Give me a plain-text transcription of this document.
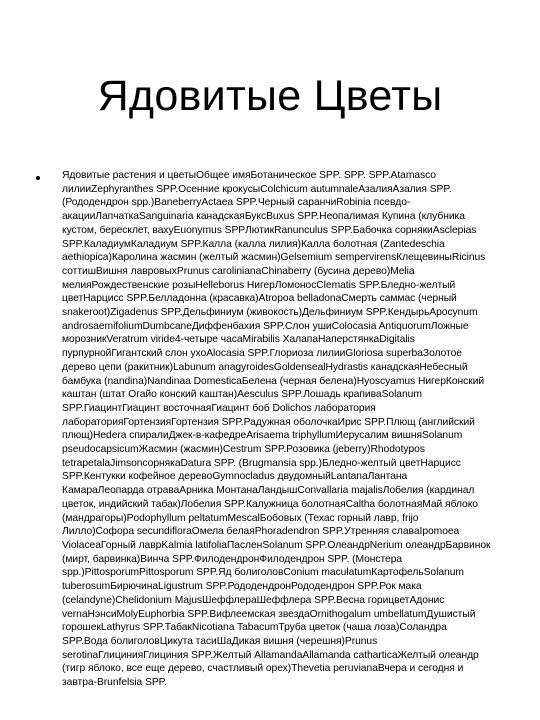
Ядовитые Цветы

Ядовитые растения и цветыОбщее имяБотаническое SPP. SPP. SPP.Atamasco лилииZephyranthes SPP.Осенние крокусыColchicum autumnaleАзалияАзалия SPP. (Рододендрон spp.)BaneberryActaea SPP.Черный саранчиRobinia псевдо-акацииЛапчаткаSanguinaria канадскаяБуксBuxus SPP.Неопалимая Купина (клубника кустом, бересклет, вахуEuonymus SPPЛютикRanunculus SPP.Бабочка сорнякиAsclepias SPP.КаладиумКаладиум SPP.Калла (калла лилия)Калла болотная (Zantedeschia aethiopica)Каролина жасмин (желтый жасмин)Gelsemium sempervirensКлещевиныRicinus соттишВишня лавровыхPrunus carolinianaChinaberry (бусина дерево)Melia мелияРождественские розыHelleborus НигерЛомоносClematis SPP.Бледно-желтый цветНарцисс SPP.Белладонна (красавка)Atropoa belladonaСмерть саммас (черный snakeroot)Zigadenus SPP.Дельфиниум (живокость)Дельфиниум SPP.КендырьApocynum androsaemifoliumDumbcaneДиффенбахия SPP.Слон ушиColocasia AntiquorumЛожные морозникVeratrum viride4-четыре часаMirabilis ХалапаНаперстянкаDigitalis пурпурнойГигантский слон ухоAlocasia SPP.Глориоза лилииGloriosa superbaЗолотое дерево цепи (ракитник)Labunum anagyroidesGoldensealHydrastis канадскаяНебесный бамбука (nandina)Nandinaa DomesticaБелена (черная белена)Hyoscyamus НигерКонский каштан (штат Огайо конский каштан)Aesculus SPP.Лошадь крапиваSolanum SPP.ГиацинтГиацинт восточнаяГиацинт боб Dolichos лаборатория лабораторияГортензияГортензия SPP.Радужная оболочкаИрис SPP.Плющ (английский плющ)Hedera спиралиДжек-в-кафедреArisaema triphyllumИерусалим вишняSolanum pseudocapsicumЖасмин (жасмин)Cestrum SPP.Розовика (jeberry)Rhodotypos tetrapetalaJimsonсорнякаDatura SPP. (Brugmansia spp.)Бледно-желтый цветНарцисс SPP.Кентукки кофейное деревоGymnocladus двудомныйLantanaЛантана КамараЛеопардa отраваАрника МонтанаЛандышConvallaria majalisЛобелия (кардинал цветок, индийский табак)Лобелия SPP.Калужница болотнаяCaltha болотнаяМай яблоко (мандрагоры)Podophyllum peltatumMescalБобовых (Техас горный лавр, frijo Лилло)Софора secundifloraОмела белаяPhoradendron SPP.Утренняя славаIpomoea ViolaceaГорный лаврKalmia latifoliaПасленSolanum SPP.ОлеандрNerium олеандрБарвинок (мирт, барвинка)Винча SPP.ФилодендронФилодендрон SPP. (Монстера spp.)PittosporumPittosporum SPP.Яд болиголовConium maculatumКартофельSolanum tuberosumБирючинаLigustrum SPP.РододендронРододендрон SPP.Рок мака (celandyne)Chelidonium MajusШеффлераШеффлера SPP.Весна горицветАдонис vernaНэнсиMolyEuphorbia SPP.Вифлеемская звездаOrnithogalum umbellatumДушистый горошекLathyrus SPP.ТабакNicotiana TabacumТруба цветок (чаша лоза)Соландра SPP.Вода болиголовЦикута тасиШаДикая вишня (черешня)Prunus serotinaГлицинияГлициния SPP.Желтый AllamandaAllamanda catharticaЖелтый олеандр (тигр яблоко, все еще дерево, счастливый орех)Thevetia peruvianaВчера и сегодня и завтра-Brunfelsia SPP.
